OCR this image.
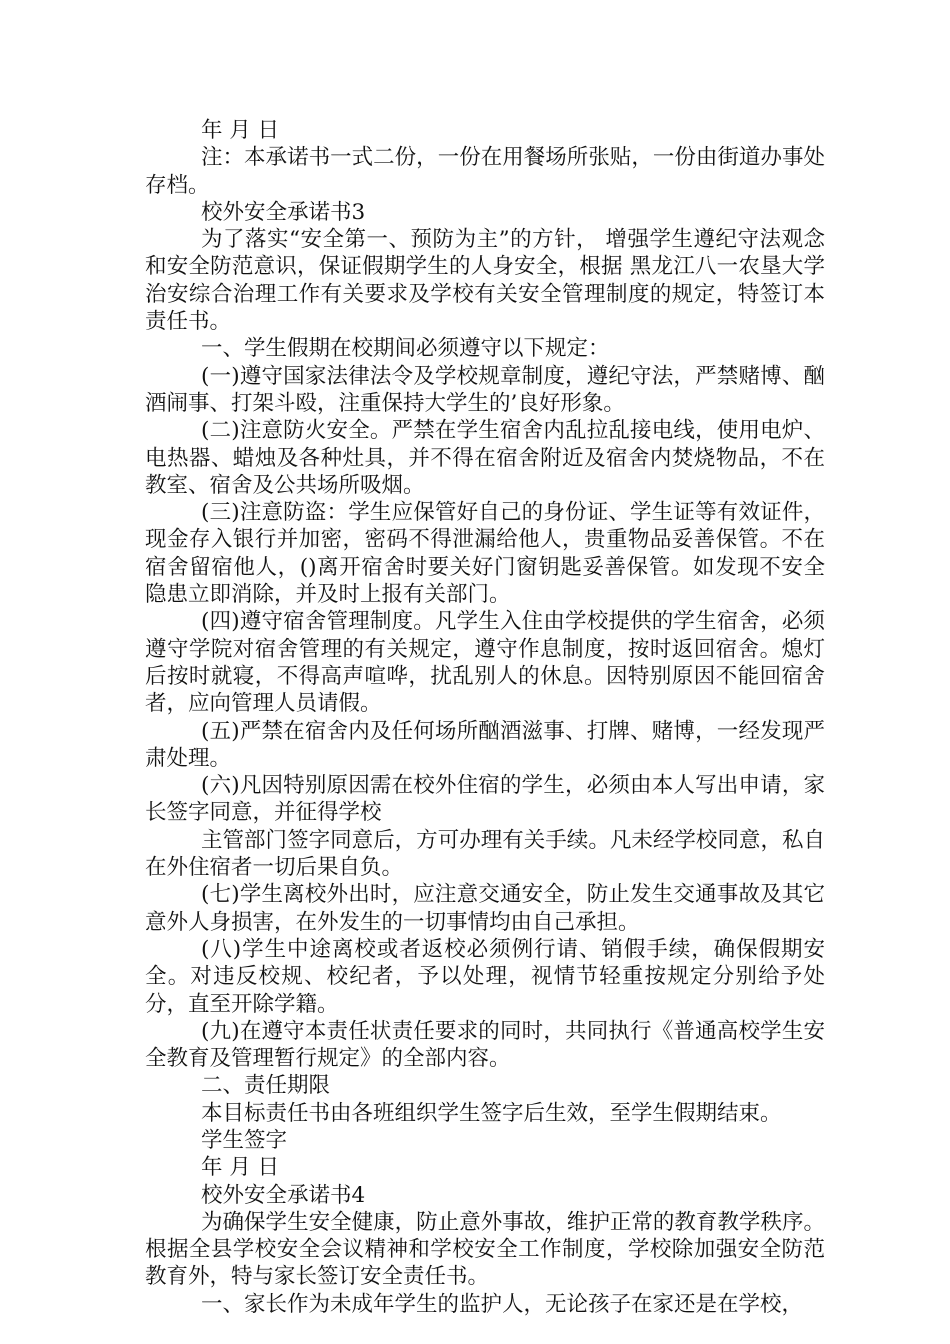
年 月 日

注：本承诺书一式二份，一份在用餐场所张贴，一份由街道办事处存档。

校外安全承诺书3

为了落实“安全第一、预防为主”的方针， 增强学生遵纪守法观念和安全防范意识，保证假期学生的人身安全，根据 黑龙江八一农垦大学治安综合治理工作有关要求及学校有关安全管理制度的规定，特签订本责任书。

一、学生假期在校期间必须遵守以下规定：

(一)遵守国家法律法令及学校规章制度，遵纪守法，严禁赌博、酗酒闹事、打架斗殴，注重保持大学生的’良好形象。

(二)注意防火安全。严禁在学生宿舍内乱拉乱接电线，使用电炉、电热器、蜡烛及各种灶具，并不得在宿舍附近及宿舍内焚烧物品，不在教室、宿舍及公共场所吸烟。

(三)注意防盗：学生应保管好自己的身份证、学生证等有效证件，现金存入银行并加密，密码不得泄漏给他人，贵重物品妥善保管。不在宿舍留宿他人，()离开宿舍时要关好门窗钥匙妥善保管。如发现不安全隐患立即消除，并及时上报有关部门。

(四)遵守宿舍管理制度。凡学生入住由学校提供的学生宿舍，必须遵守学院对宿舍管理的有关规定，遵守作息制度，按时返回宿舍。熄灯后按时就寝，不得高声喧哗，扰乱别人的休息。因特别原因不能回宿舍者，应向管理人员请假。

(五)严禁在宿舍内及任何场所酗酒滋事、打牌、赌博，一经发现严肃处理。

(六)凡因特别原因需在校外住宿的学生，必须由本人写出申请，家长签字同意，并征得学校

主管部门签字同意后，方可办理有关手续。凡未经学校同意，私自在外住宿者一切后果自负。

(七)学生离校外出时，应注意交通安全，防止发生交通事故及其它意外人身损害，在外发生的一切事情均由自己承担。

(八)学生中途离校或者返校必须例行请、销假手续，确保假期安全。对违反校规、校纪者，予以处理，视情节轻重按规定分别给予处分，直至开除学籍。

(九)在遵守本责任状责任要求的同时，共同执行《普通高校学生安全教育及管理暂行规定》的全部内容。

二、责任期限

本目标责任书由各班组织学生签字后生效，至学生假期结束。

学生签字

年 月 日

校外安全承诺书4

为确保学生安全健康，防止意外事故，维护正常的教育教学秩序。根据全县学校安全会议精神和学校安全工作制度，学校除加强安全防范教育外，特与家长签订安全责任书。

一、家长作为未成年学生的监护人，无论孩子在家还是在学校，
